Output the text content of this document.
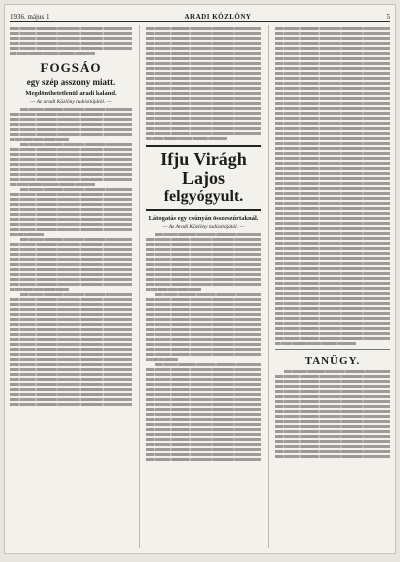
1936. május 1	ARADI KÖZLÖNY	5
FOGSÁO
egy szép asszony miatt.
Megdönthetetlenül aradi kaland.
— Az aradi Közlöny tudósítójától. —
Ifju Virágh Lajos
felgyógyult.
Látogatás egy csúnyán összeszúrtaknál.
— Az Aradi Közlöny tudósítójától. —
TANÜGY.
